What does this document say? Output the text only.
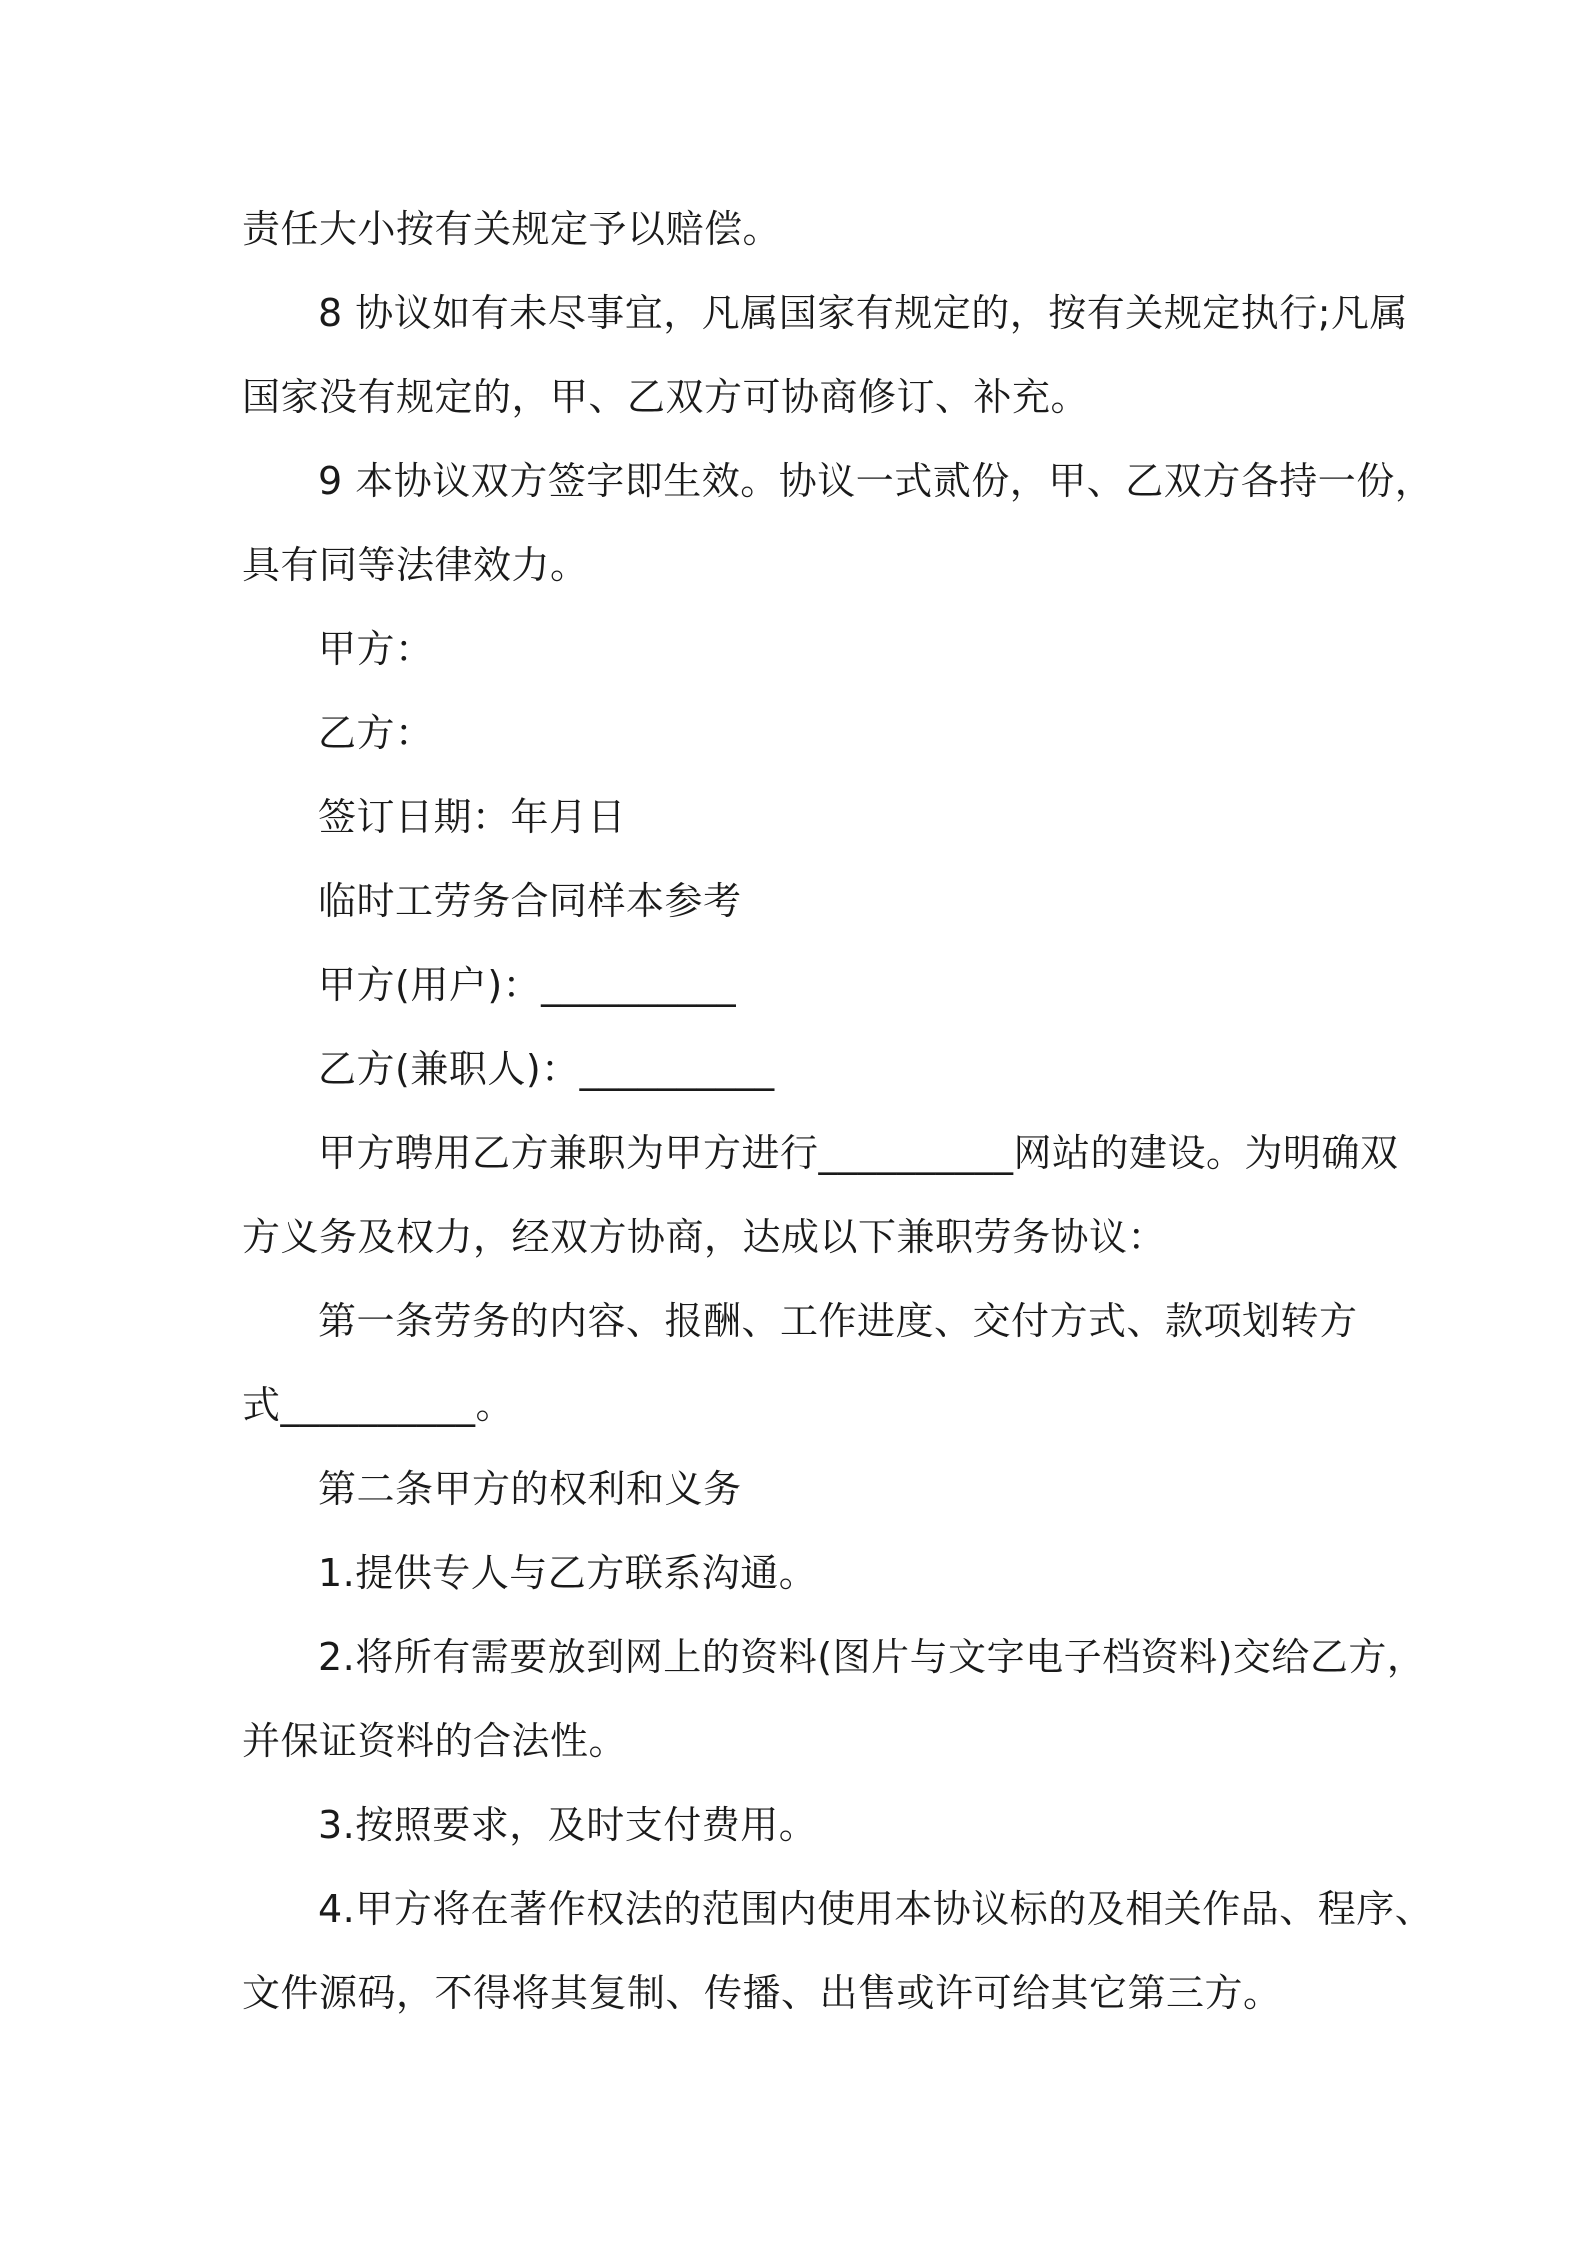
责任大小按有关规定予以赔偿。
8 协议如有未尽事宜，凡属国家有规定的，按有关规定执行;凡属
国家没有规定的，甲、乙双方可协商修订、补充。
9 本协议双方签字即生效。协议一式贰份，甲、乙双方各持一份，
具有同等法律效力。
甲方：
乙方：
签订日期：年月日
临时工劳务合同样本参考
甲方(用户)：__________
乙方(兼职人)：__________
甲方聘用乙方兼职为甲方进行__________网站的建设。为明确双
方义务及权力，经双方协商，达成以下兼职劳务协议：
第一条劳务的内容、报酬、工作进度、交付方式、款项划转方
式__________。
第二条甲方的权利和义务
1.提供专人与乙方联系沟通。
2.将所有需要放到网上的资料(图片与文字电子档资料)交给乙方，
并保证资料的合法性。
3.按照要求，及时支付费用。
4.甲方将在著作权法的范围内使用本协议标的及相关作品、程序、
文件源码，不得将其复制、传播、出售或许可给其它第三方。
